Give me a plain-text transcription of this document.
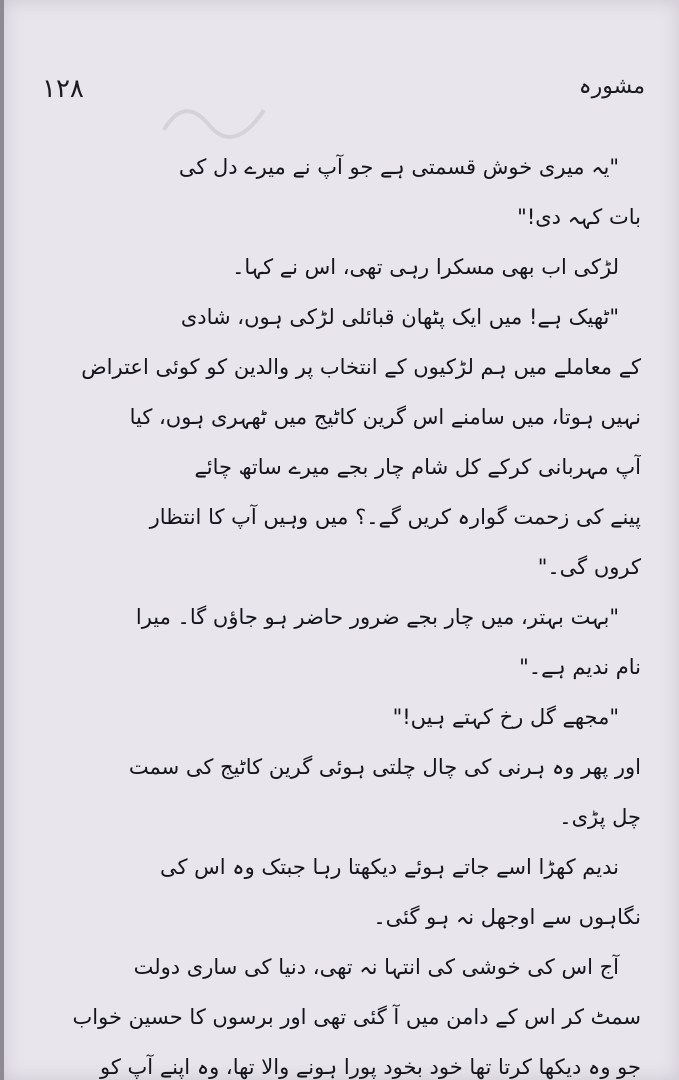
۱۲۸	مشورہ
"یہ میری خوش قسمتی ہے جو آپ نے میرے دل کی
بات کہہ دی!"
لڑکی اب بھی مسکرا رہی تھی، اس نے کہا۔
"ٹھیک ہے! میں ایک پٹھان قبائلی لڑکی ہوں، شادی
کے معاملے میں ہم لڑکیوں کے انتخاب پر والدین کو کوئی اعتراض
نہیں ہوتا، میں سامنے اس گرین کاٹیج میں ٹھہری ہوں، کیا
آپ مہربانی کرکے کل شام چار بجے میرے ساتھ چائے
پینے کی زحمت گوارہ کریں گے۔؟ میں وہیں آپ کا انتظار
کروں گی۔"
"بہت بہتر، میں چار بجے ضرور حاضر ہو جاؤں گا۔ میرا
نام ندیم ہے۔"
"مجھے گل رخ کہتے ہیں!"
اور پھر وہ ہرنی کی چال چلتی ہوئی گرین کاٹیج کی سمت
چل پڑی۔
ندیم کھڑا اسے جاتے ہوئے دیکھتا رہا جبتک وہ اس کی
نگاہوں سے اوجھل نہ ہو گئی۔
آج اس کی خوشی کی انتہا نہ تھی، دنیا کی ساری دولت
سمٹ کر اس کے دامن میں آ گئی تھی اور برسوں کا حسین خواب
جو وہ دیکھا کرتا تھا خود بخود پورا ہونے والا تھا، وہ اپنے آپ کو
